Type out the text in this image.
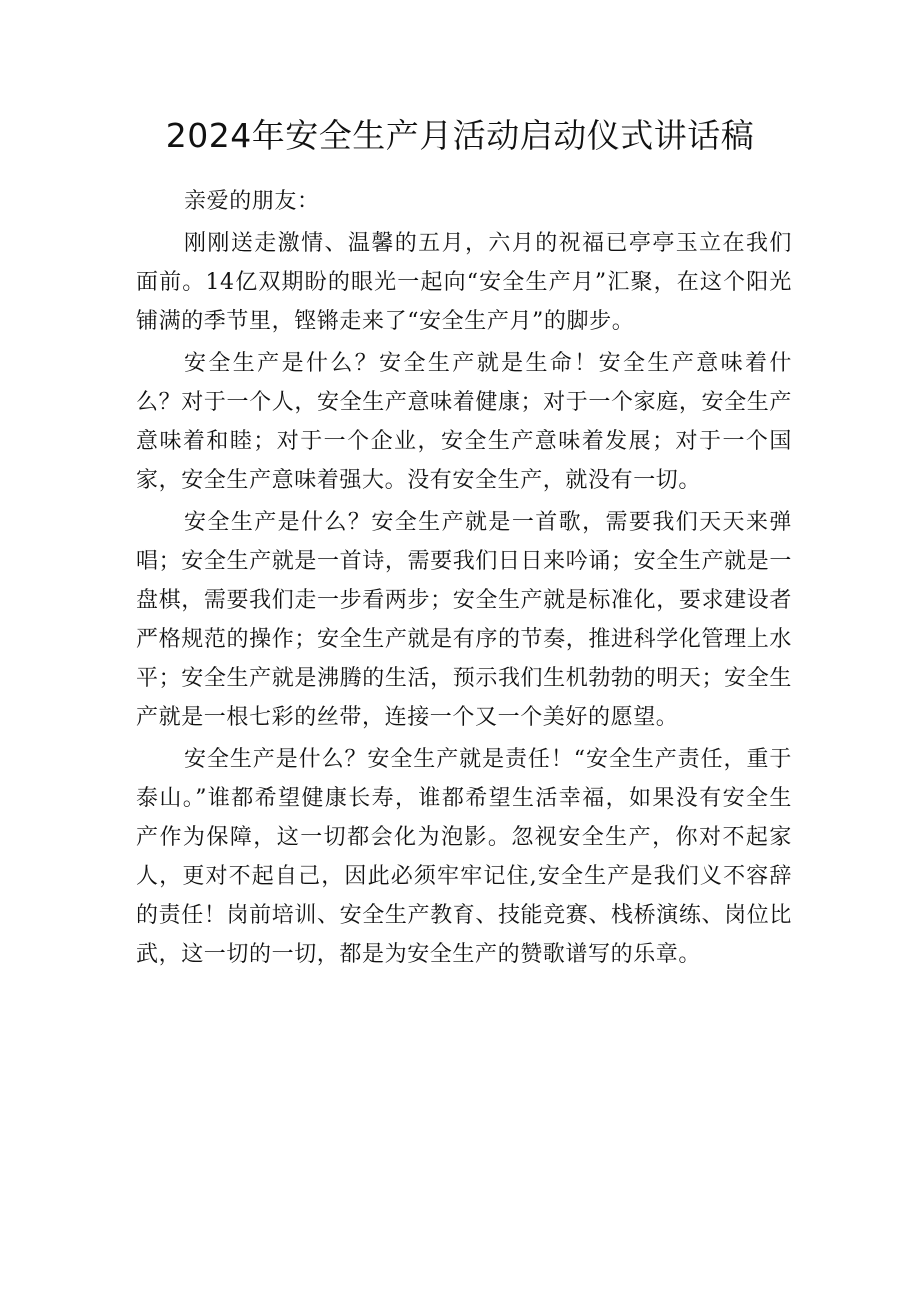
2024年安全生产月活动启动仪式讲话稿

亲爱的朋友：

刚刚送走激情、温馨的五月，六月的祝福已亭亭玉立在我们面前。14亿双期盼的眼光一起向“安全生产月”汇聚，在这个阳光铺满的季节里，铿锵走来了“安全生产月”的脚步。

安全生产是什么？安全生产就是生命！安全生产意味着什么？对于一个人，安全生产意味着健康；对于一个家庭，安全生产意味着和睦；对于一个企业，安全生产意味着发展；对于一个国家，安全生产意味着强大。没有安全生产，就没有一切。

安全生产是什么？安全生产就是一首歌，需要我们天天来弹唱；安全生产就是一首诗，需要我们日日来吟诵；安全生产就是一盘棋，需要我们走一步看两步；安全生产就是标准化，要求建设者严格规范的操作；安全生产就是有序的节奏，推进科学化管理上水平；安全生产就是沸腾的生活，预示我们生机勃勃的明天；安全生产就是一根七彩的丝带，连接一个又一个美好的愿望。

安全生产是什么？安全生产就是责任！“安全生产责任，重于泰山。”谁都希望健康长寿，谁都希望生活幸福，如果没有安全生产作为保障，这一切都会化为泡影。忽视安全生产，你对不起家人，更对不起自己，因此必须牢牢记住,安全生产是我们义不容辞的责任！岗前培训、安全生产教育、技能竞赛、栈桥演练、岗位比武，这一切的一切，都是为安全生产的赞歌谱写的乐章。
